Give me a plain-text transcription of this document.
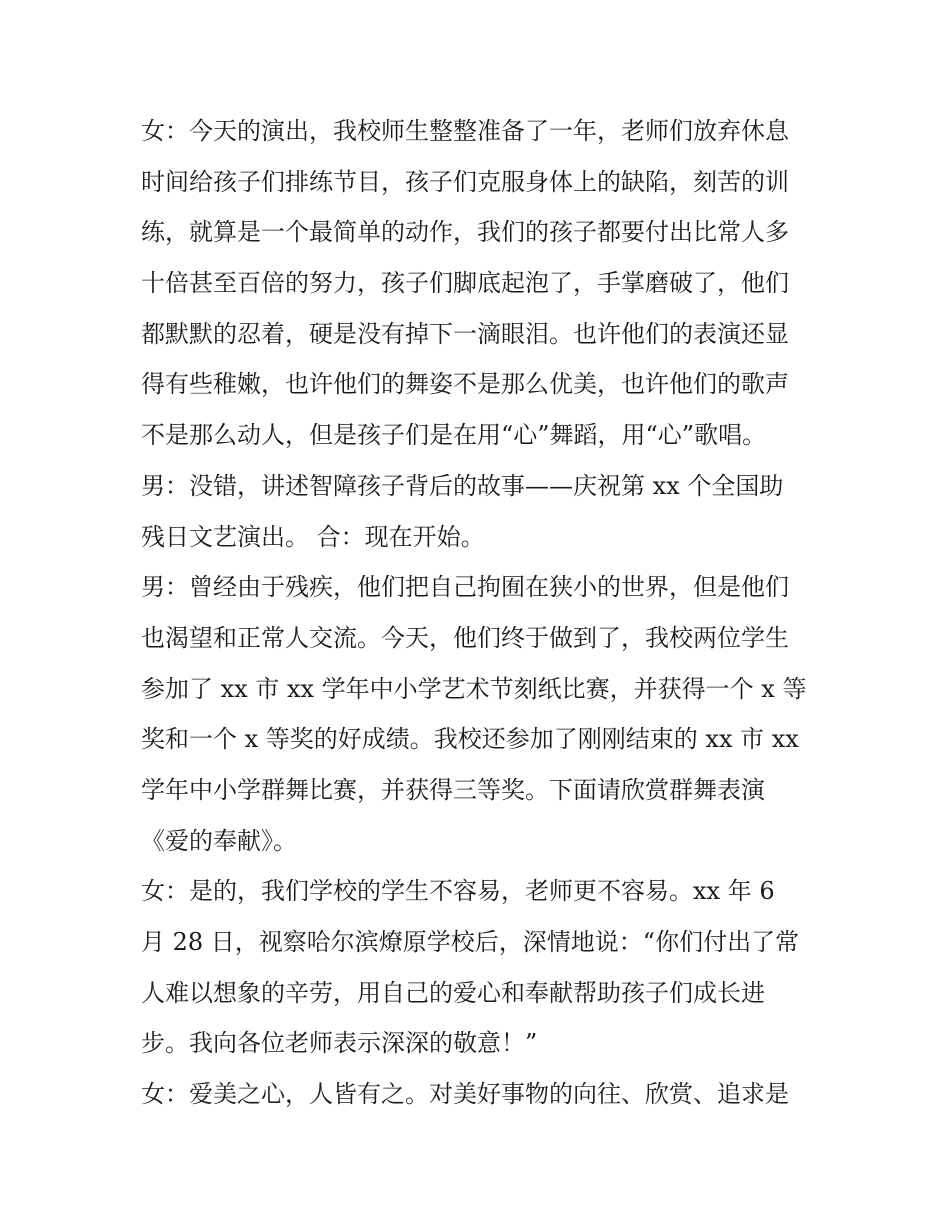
女：今天的演出，我校师生整整准备了一年，老师们放弃休息
时间给孩子们排练节目，孩子们克服身体上的缺陷，刻苦的训
练，就算是一个最简单的动作，我们的孩子都要付出比常人多
十倍甚至百倍的努力，孩子们脚底起泡了，手掌磨破了，他们
都默默的忍着，硬是没有掉下一滴眼泪。也许他们的表演还显
得有些稚嫩，也许他们的舞姿不是那么优美，也许他们的歌声
不是那么动人，但是孩子们是在用“心”舞蹈，用“心”歌唱。
男：没错，讲述智障孩子背后的故事——庆祝第 xx 个全国助
残日文艺演出。 合：现在开始。
男：曾经由于残疾，他们把自己拘囿在狭小的世界，但是他们
也渴望和正常人交流。今天，他们终于做到了，我校两位学生
参加了 xx 市 xx 学年中小学艺术节刻纸比赛，并获得一个 x 等
奖和一个 x 等奖的好成绩。我校还参加了刚刚结束的 xx 市 xx
学年中小学群舞比赛，并获得三等奖。下面请欣赏群舞表演
《爱的奉献》。
女：是的，我们学校的学生不容易，老师更不容易。xx 年 6
月 28 日，视察哈尔滨燎原学校后，深情地说：“你们付出了常
人难以想象的辛劳，用自己的爱心和奉献帮助孩子们成长进
步。我向各位老师表示深深的敬意！”
女：爱美之心，人皆有之。对美好事物的向往、欣赏、追求是
